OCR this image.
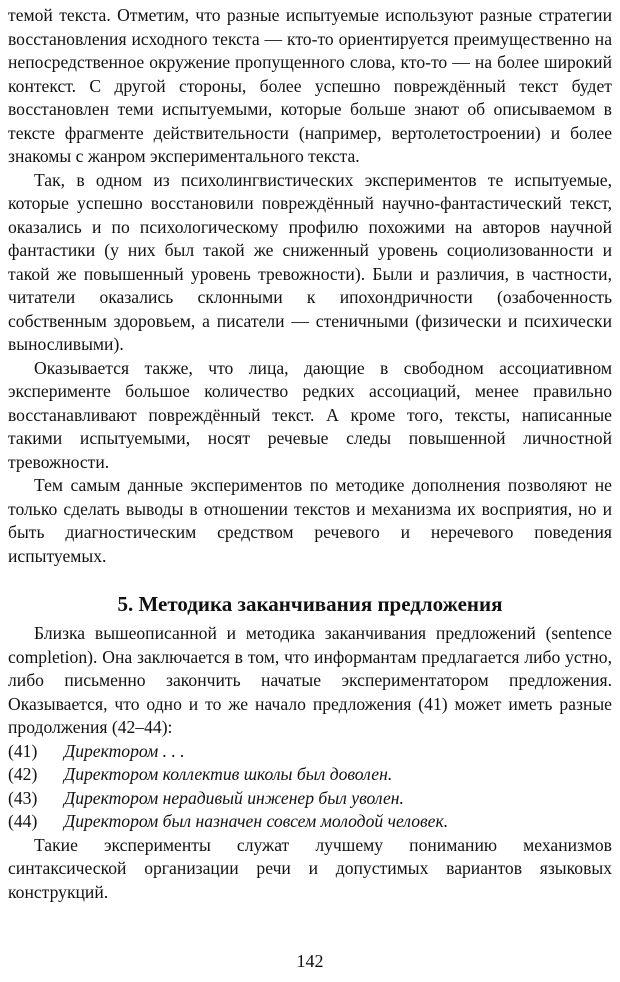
темой текста. Отметим, что разные испытуемые используют разные стратегии восстановления исходного текста — кто-то ориентируется преимущественно на непосредственное окружение пропущенного слова, кто-то — на более широкий контекст. С другой стороны, более успешно повреждённый текст будет восстановлен теми испытуемыми, которые больше знают об описываемом в тексте фрагменте действительности (например, вертолетостроении) и более знакомы с жанром экспериментального текста.

Так, в одном из психолингвистических экспериментов те испытуемые, которые успешно восстановили повреждённый научно-фантастический текст, оказались и по психологическому профилю похожими на авторов научной фантастики (у них был такой же сниженный уровень социолизованности и такой же повышенный уровень тревожности). Были и различия, в частности, читатели оказались склонными к ипохондричности (озабоченность собственным здоровьем, а писатели — стеничными (физически и психически выносливыми).

Оказывается также, что лица, дающие в свободном ассоциативном эксперименте большое количество редких ассоциаций, менее правильно восстанавливают повреждённый текст. А кроме того, тексты, написанные такими испытуемыми, носят речевые следы повышенной личностной тревожности.

Тем самым данные экспериментов по методике дополнения позволяют не только сделать выводы в отношении текстов и механизма их восприятия, но и быть диагностическим средством речевого и неречевого поведения испытуемых.

5. Методика заканчивания предложения

Близка вышеописанной и методика заканчивания предложений (sentence completion). Она заключается в том, что информантам предлагается либо устно, либо письменно закончить начатые экспериментатором предложения. Оказывается, что одно и то же начало предложения (41) может иметь разные продолжения (42–44):

(41)	Директором . . .
(42)	Директором коллектив школы был доволен.
(43)	Директором нерадивый инженер был уволен.
(44)	Директором был назначен совсем молодой человек.

Такие эксперименты служат лучшему пониманию механизмов синтаксической организации речи и допустимых вариантов языковых конструкций.

142
